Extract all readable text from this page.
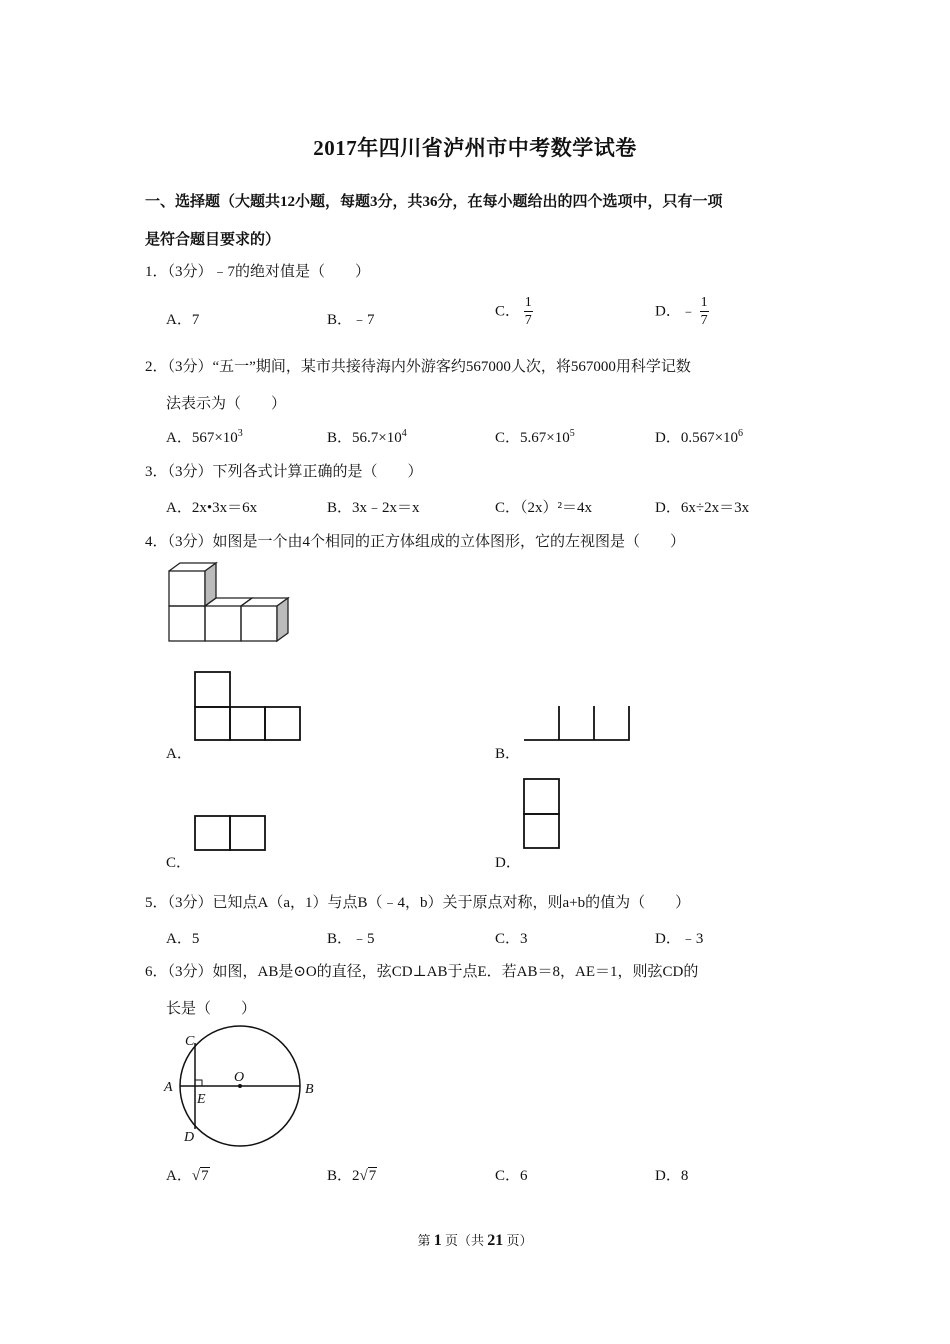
2017年四川省泸州市中考数学试卷
一、选择题（大题共12小题，每题3分，共36分，在每小题给出的四个选项中，只有一项
是符合题目要求的）
1．（3分）﹣7的绝对值是（　　）
A．7	B．﹣7
C． $\frac{1}{7}$	D．﹣ $\frac{1}{7}$
2．（3分）“五一”期间，某市共接待海内外游客约567000人次，将567000用科学记数
法表示为（　　）
A．$567\times 10^3$	B．$56.7\times 10^4$	C．$5.67\times 10^5$	D．$0.567\times 10^6$
3．（3分）下列各式计算正确的是（　　）
A．2x•3x＝6x	B．3x﹣2x＝x	C．（2x）²＝4x	D．6x÷2x＝3x
4．（3分）如图是一个由4个相同的正方体组成的立体图形，它的左视图是（　　）
A．	B．
C．	D．
5．（3分）已知点A（a，1）与点B（﹣4，b）关于原点对称，则a+b的值为（　　）
A．5	B．﹣5	C．3	D．﹣3
6．（3分）如图，AB是⊙O的直径，弦CD⊥AB于点E．若AB＝8，AE＝1，则弦CD的
长是（　　）
A	B
C
D
E
O
A．√7	B．2√7	C．6	D．8
第 1 页（共 21 页）
